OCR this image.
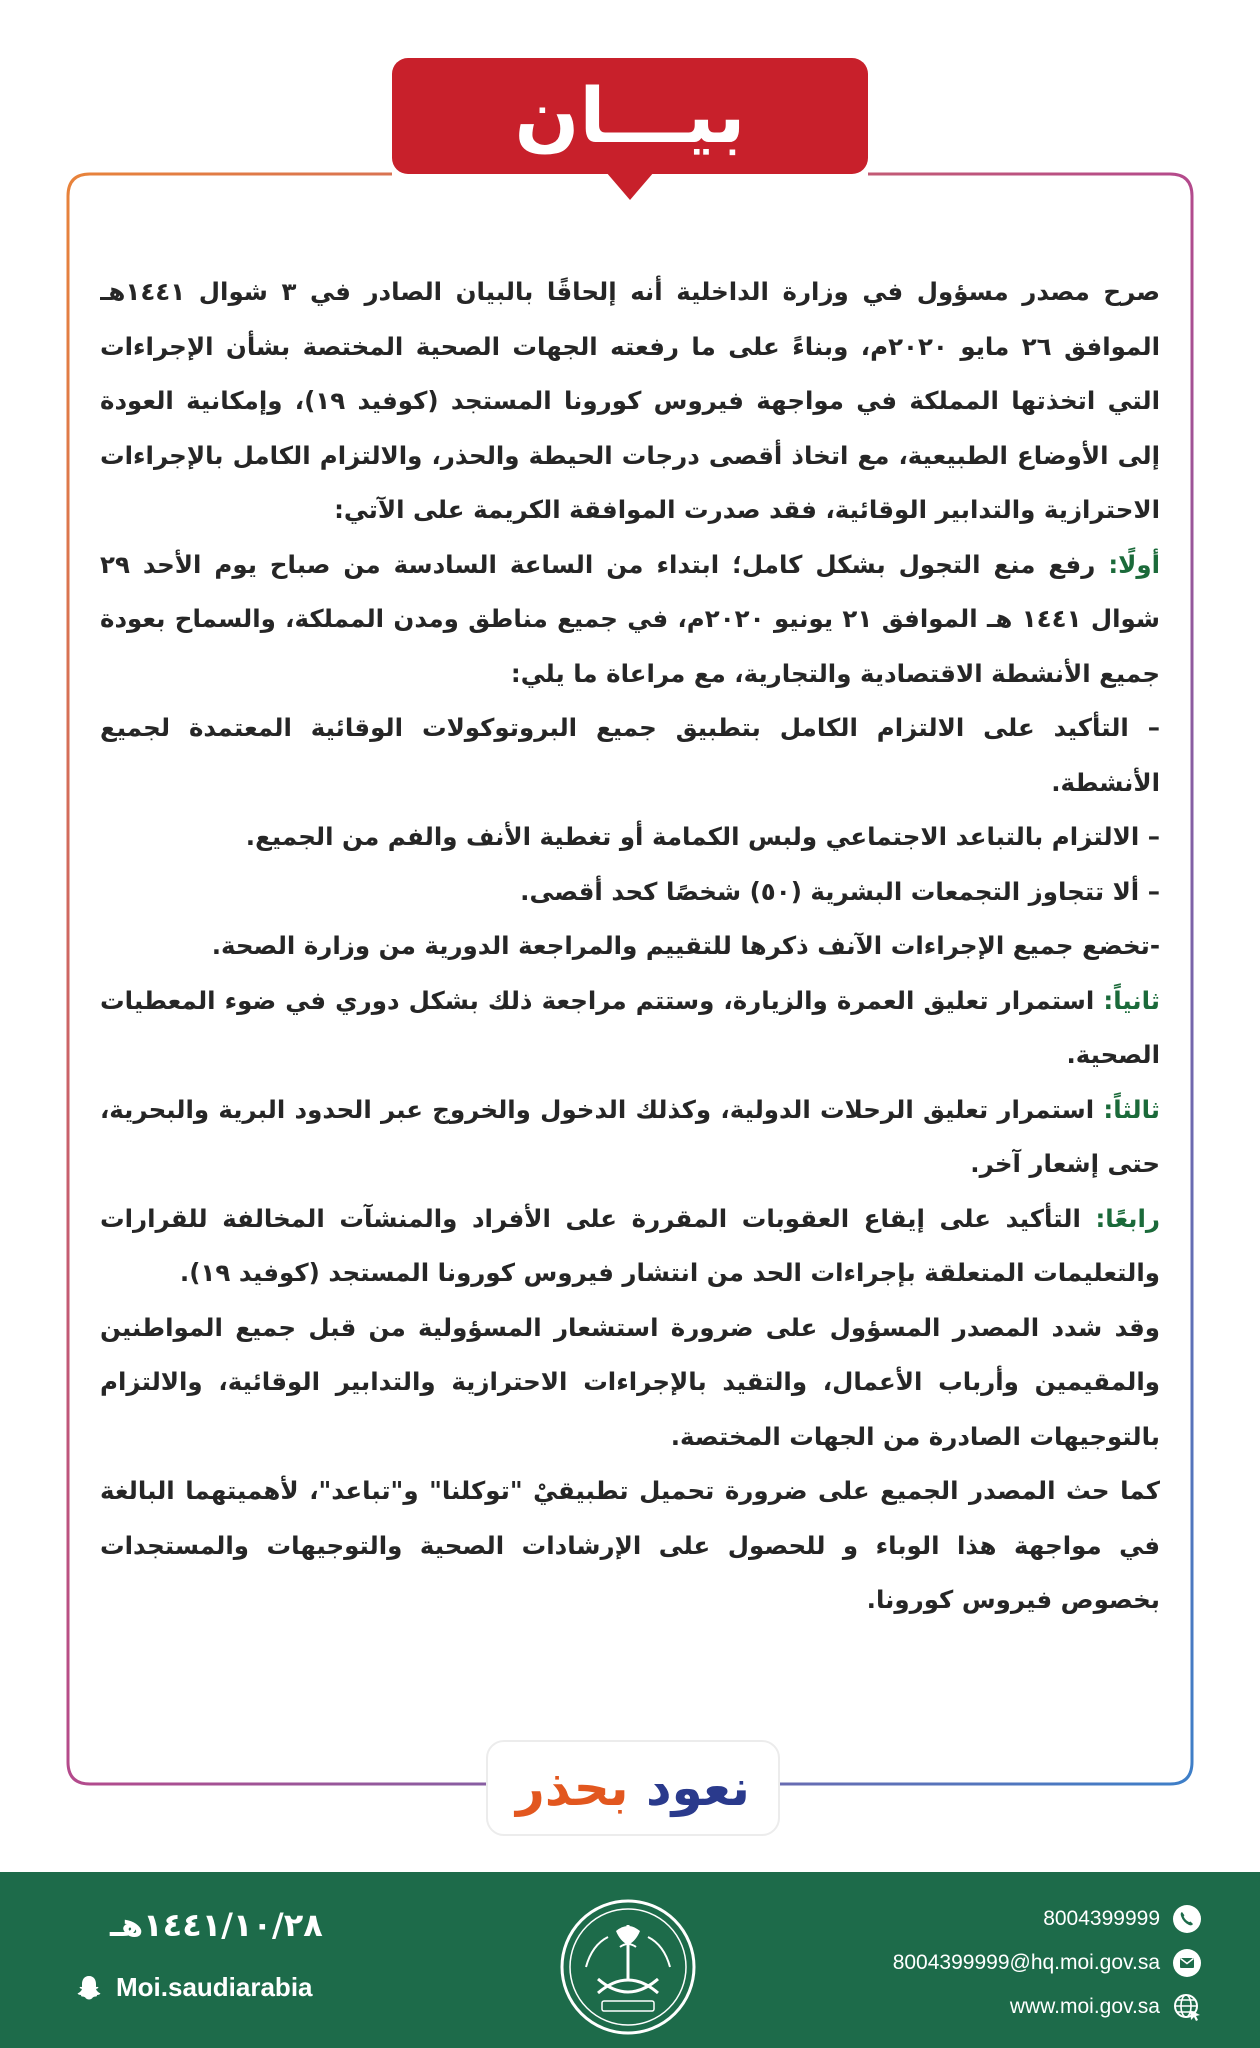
بيـــان

صرح مصدر مسؤول في وزارة الداخلية أنه إلحاقًا بالبيان الصادر في ٣ شوال ١٤٤١هـ الموافق ٢٦ مايو ٢٠٢٠م، وبناءً على ما رفعته الجهات الصحية المختصة بشأن الإجراءات التي اتخذتها المملكة في مواجهة فيروس كورونا المستجد (كوفيد ١٩)، وإمكانية العودة إلى الأوضاع الطبيعية، مع اتخاذ أقصى درجات الحيطة والحذر، والالتزام الكامل بالإجراءات الاحترازية والتدابير الوقائية، فقد صدرت الموافقة الكريمة على الآتي:

أولًا: رفع منع التجول بشكل كامل؛ ابتداء من الساعة السادسة من صباح يوم الأحد ٢٩ شوال ١٤٤١ هـ الموافق ٢١ يونيو ٢٠٢٠م، في جميع مناطق ومدن المملكة، والسماح بعودة جميع الأنشطة الاقتصادية والتجارية، مع مراعاة ما يلي:

– التأكيد على الالتزام الكامل بتطبيق جميع البروتوكولات الوقائية المعتمدة لجميع الأنشطة.

– الالتزام بالتباعد الاجتماعي ولبس الكمامة أو تغطية الأنف والفم من الجميع.

– ألا تتجاوز التجمعات البشرية (٥٠) شخصًا كحد أقصى.

-تخضع جميع الإجراءات الآنف ذكرها للتقييم والمراجعة الدورية من وزارة الصحة.

ثانياً: استمرار تعليق العمرة والزيارة، وستتم مراجعة ذلك بشكل دوري في ضوء المعطيات الصحية.

ثالثاً: استمرار تعليق الرحلات الدولية، وكذلك الدخول والخروج عبر الحدود البرية والبحرية، حتى إشعار آخر.

رابعًا: التأكيد على إيقاع العقوبات المقررة على الأفراد والمنشآت المخالفة للقرارات والتعليمات المتعلقة بإجراءات الحد من انتشار فيروس كورونا المستجد (كوفيد ١٩).

وقد شدد المصدر المسؤول على ضرورة استشعار المسؤولية من قبل جميع المواطنين والمقيمين وأرباب الأعمال، والتقيد بالإجراءات الاحترازية والتدابير الوقائية، والالتزام بالتوجيهات الصادرة من الجهات المختصة.

كما حث المصدر الجميع على ضرورة تحميل تطبيقيْ "توكلنا" و"تباعد"، لأهميتهما البالغة في مواجهة هذا الوباء و للحصول على الإرشادات الصحية والتوجيهات والمستجدات بخصوص فيروس كورونا.

نعود بحذر
8004399999
8004399999@hq.moi.gov.sa
www.moi.gov.sa
١٤٤١/١٠/٢٨هـ
Moi.saudiarabia
